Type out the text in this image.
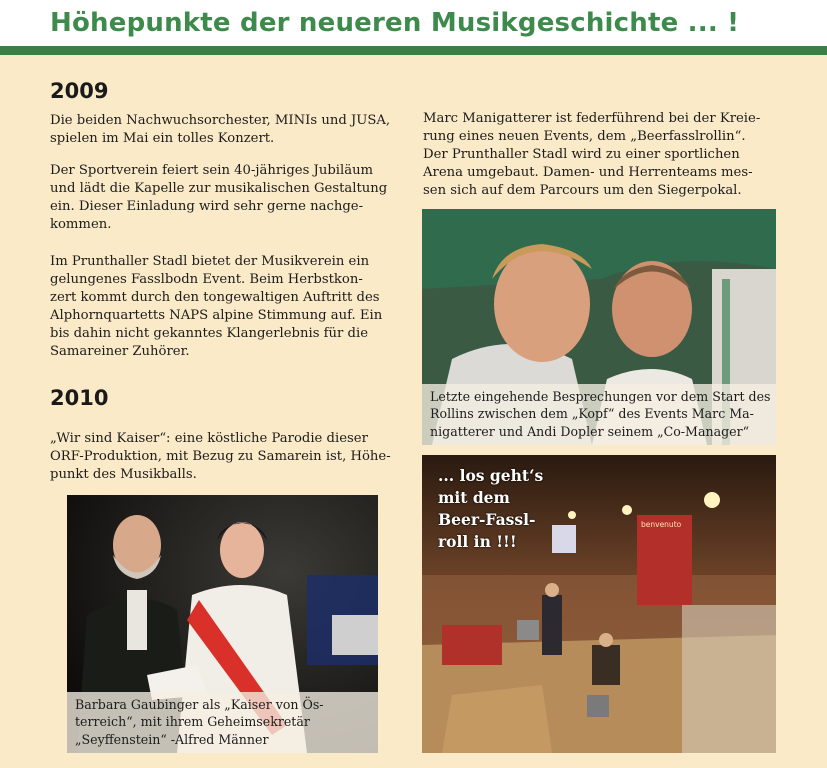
Höhepunkte der neueren Musikgeschichte ... !
2009
Die beiden Nachwuchsorchester, MINIs und JUSA,
spielen im Mai ein tolles Konzert.
Der Sportverein feiert sein 40-jähriges Jubiläum
und lädt die Kapelle zur musikalischen Gestaltung
ein. Dieser Einladung wird sehr gerne nachge-
kommen.
Im Prunthaller Stadl bietet der Musikverein ein
gelungenes Fasslbodn Event. Beim Herbstkon-
zert kommt durch den tongewaltigen Auftritt des
Alphornquartetts NAPS alpine Stimmung auf. Ein
bis dahin nicht gekanntes Klangerlebnis für die
Samareiner Zuhörer.
2010
„Wir sind Kaiser“: eine köstliche Parodie dieser
ORF-Produktion, mit Bezug zu Samarein ist, Höhe-
punkt des Musikballs.
Barbara Gaubinger als „Kaiser von Ös-
terreich“, mit ihrem Geheimsekretär
„Seyffenstein“ -Alfred Männer
Marc Manigatterer ist federführend bei der Kreie-
rung eines neuen Events, dem „Beerfasslrollin“.
Der Prunthaller Stadl wird zu einer sportlichen
Arena umgebaut. Damen- und Herrenteams mes-
sen sich auf dem Parcours um den Siegerpokal.
Letzte eingehende Besprechungen vor dem Start des
Rollins zwischen dem „Kopf“ des Events Marc Ma-
nigatterer und Andi Dopler seinem „Co-Manager“
benvenuto
... los geht‘s
mit dem
Beer-Fassl-
roll in !!!
